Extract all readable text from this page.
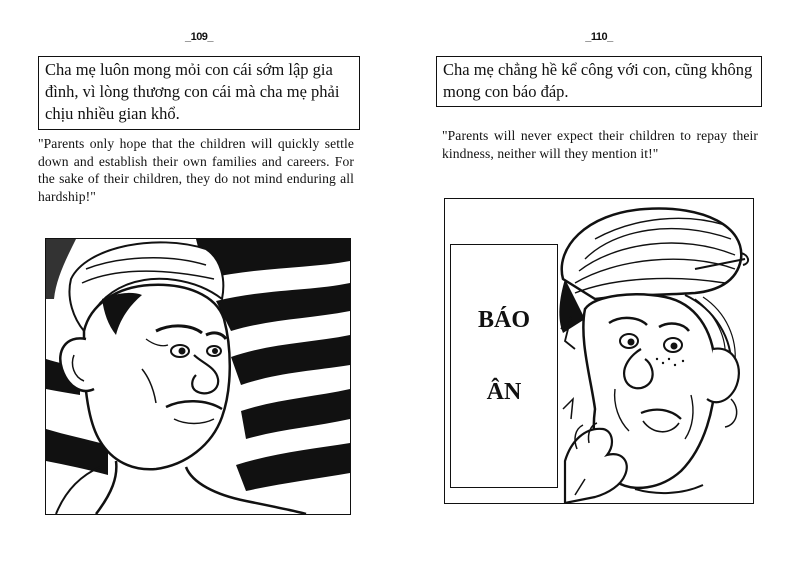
_109_
Cha mẹ luôn mong mỏi con cái sớm lập gia đình, vì lòng thương con cái mà cha mẹ phải chịu nhiều gian khổ.
"Parents only hope that the children will quickly settle down and establish their own families and careers. For the sake of their children, they do not mind enduring all hardship!"
_110_
Cha mẹ chẳng hề kể công với con, cũng không mong con báo đáp.
"Parents will never expect their children to repay their kindness, neither will they mention it!"
BÁO
ÂN
